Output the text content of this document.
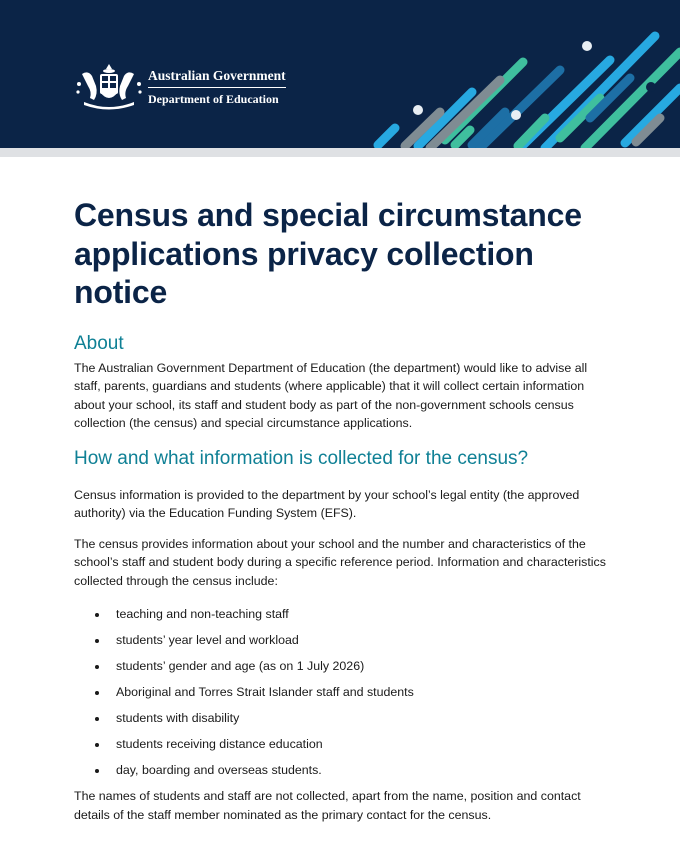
Australian Government
Department of Education
Census and special circumstance applications privacy collection notice
About

The Australian Government Department of Education (the department) would like to advise all staff, parents, guardians and students (where applicable) that it will collect certain information about your school, its staff and student body as part of the non-government schools census collection (the census) and special circumstance applications.

How and what information is collected for the census?

Census information is provided to the department by your school’s legal entity (the approved authority) via the Education Funding System (EFS).

The census provides information about your school and the number and characteristics of the school’s staff and student body during a specific reference period. Information and characteristics collected through the census include:

teaching and non-teaching staff
students’ year level and workload
students’ gender and age (as on 1 July 2026)
Aboriginal and Torres Strait Islander staff and students
students with disability
students receiving distance education
day, boarding and overseas students.

The names of students and staff are not collected, apart from the name, position and contact details of the staff member nominated as the primary contact for the census.
